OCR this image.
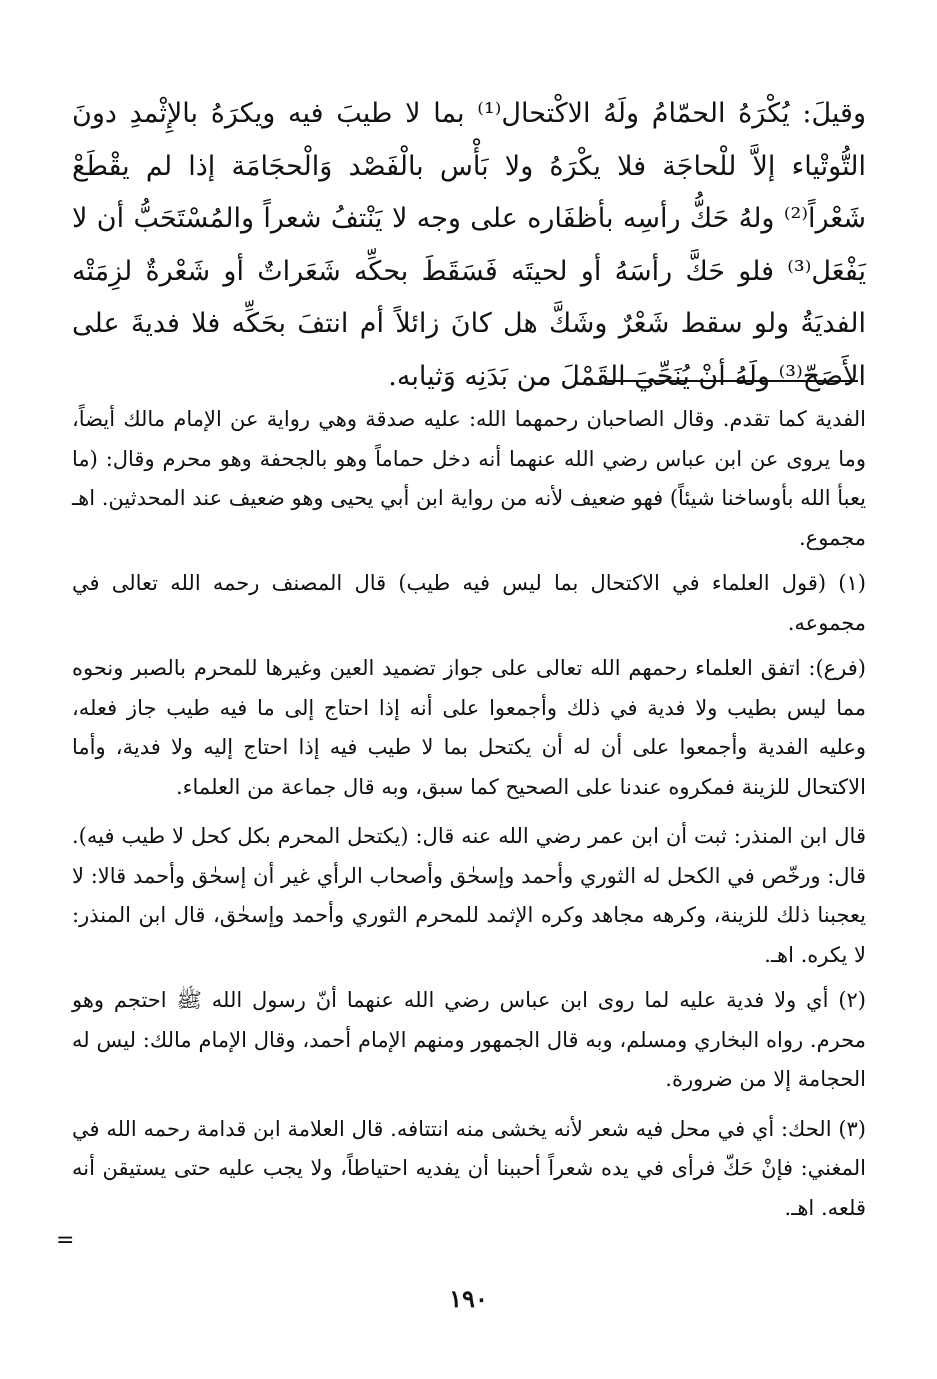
وقيلَ: يُكْرَهُ الحمّامُ ولَهُ الاكْتحال⁽¹⁾ بما لا طيبَ فيه ويكرَهُ بالإِثْمدِ دونَ التُّوتْياء إلاَّ للْحاجَة فلا يكْرَهُ ولا بَأْس بالْفَصْد وَالْحجَامَة إذا لم يقْطَعْ شَعْراً⁽²⁾ ولهُ حَكُّ رأسِه بأظفَاره على وجه لا يَنْتفُ شعراً والمُسْتَحَبُّ أن لا يَفْعَل⁽³⁾ فلو حَكَّ رأسَهُ أو لحيتَه فَسَقَطَ بحكِّه شَعَراتٌ أو شَعْرةٌ لزِمَتْه الفديَةُ ولو سقط شَعْرٌ وشَكَّ هل كانَ زائلاً أم انتفَ بحَكِّه فلا فديةَ على الأَصَحّ⁽³⁾ ولَهُ أنْ يُنَحِّيَ القَمْلَ من بَدَنِه وَثيابه.

الفدية كما تقدم. وقال الصاحبان رحمهما الله: عليه صدقة وهي رواية عن الإمام مالك أيضاً، وما يروى عن ابن عباس رضي الله عنهما أنه دخل حماماً وهو بالجحفة وهو محرم وقال: (ما يعبأ الله بأوساخنا شيئاً) فهو ضعيف لأنه من رواية ابن أبي يحيى وهو ضعيف عند المحدثين. اهـ مجموع.

(١) (قول العلماء في الاكتحال بما ليس فيه طيب) قال المصنف رحمه الله تعالى في مجموعه.

(فرع): اتفق العلماء رحمهم الله تعالى على جواز تضميد العين وغيرها للمحرم بالصبر ونحوه مما ليس بطيب ولا فدية في ذلك وأجمعوا على أنه إذا احتاج إلى ما فيه طيب جاز فعله، وعليه الفدية وأجمعوا على أن له أن يكتحل بما لا طيب فيه إذا احتاج إليه ولا فدية، وأما الاكتحال للزينة فمكروه عندنا على الصحيح كما سبق، وبه قال جماعة من العلماء.

قال ابن المنذر: ثبت أن ابن عمر رضي الله عنه قال: (يكتحل المحرم بكل كحل لا طيب فيه). قال: ورخّص في الكحل له الثوري وأحمد وإسحٰق وأصحاب الرأي غير أن إسحٰق وأحمد قالا: لا يعجبنا ذلك للزينة، وكرهه مجاهد وكره الإثمد للمحرم الثوري وأحمد وإسحٰق، قال ابن المنذر: لا يكره. اهـ.

(٢) أي ولا فدية عليه لما روى ابن عباس رضي الله عنهما أنّ رسول الله ﷺ احتجم وهو محرم. رواه البخاري ومسلم، وبه قال الجمهور ومنهم الإمام أحمد، وقال الإمام مالك: ليس له الحجامة إلا من ضرورة.

(٣) الحك: أي في محل فيه شعر لأنه يخشى منه انتتافه. قال العلامة ابن قدامة رحمه الله في المغني: فإنْ حَكّ فرأى في يده شعراً أحببنا أن يفديه احتياطاً، ولا يجب عليه حتى يستيقن أنه قلعه. اهـ.

=
١٩٠
